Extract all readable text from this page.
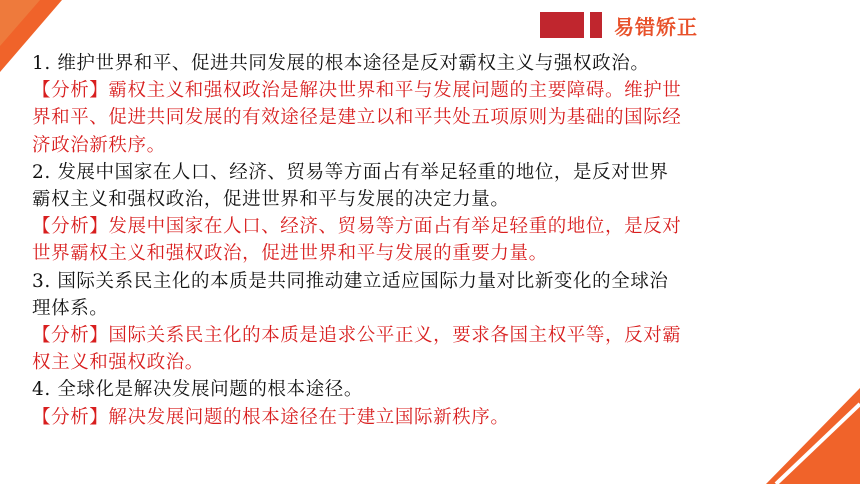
易错矫正
1. 维护世界和平、促进共同发展的根本途径是反对霸权主义与强权政治。
【分析】霸权主义和强权政治是解决世界和平与发展问题的主要障碍。维护世
界和平、促进共同发展的有效途径是建立以和平共处五项原则为基础的国际经
济政治新秩序。
2. 发展中国家在人口、经济、贸易等方面占有举足轻重的地位，是反对世界
霸权主义和强权政治，促进世界和平与发展的决定力量。
【分析】发展中国家在人口、经济、贸易等方面占有举足轻重的地位，是反对
世界霸权主义和强权政治，促进世界和平与发展的重要力量。
3. 国际关系民主化的本质是共同推动建立适应国际力量对比新变化的全球治
理体系。
【分析】国际关系民主化的本质是追求公平正义，要求各国主权平等，反对霸
权主义和强权政治。
4. 全球化是解决发展问题的根本途径。
【分析】解决发展问题的根本途径在于建立国际新秩序。
